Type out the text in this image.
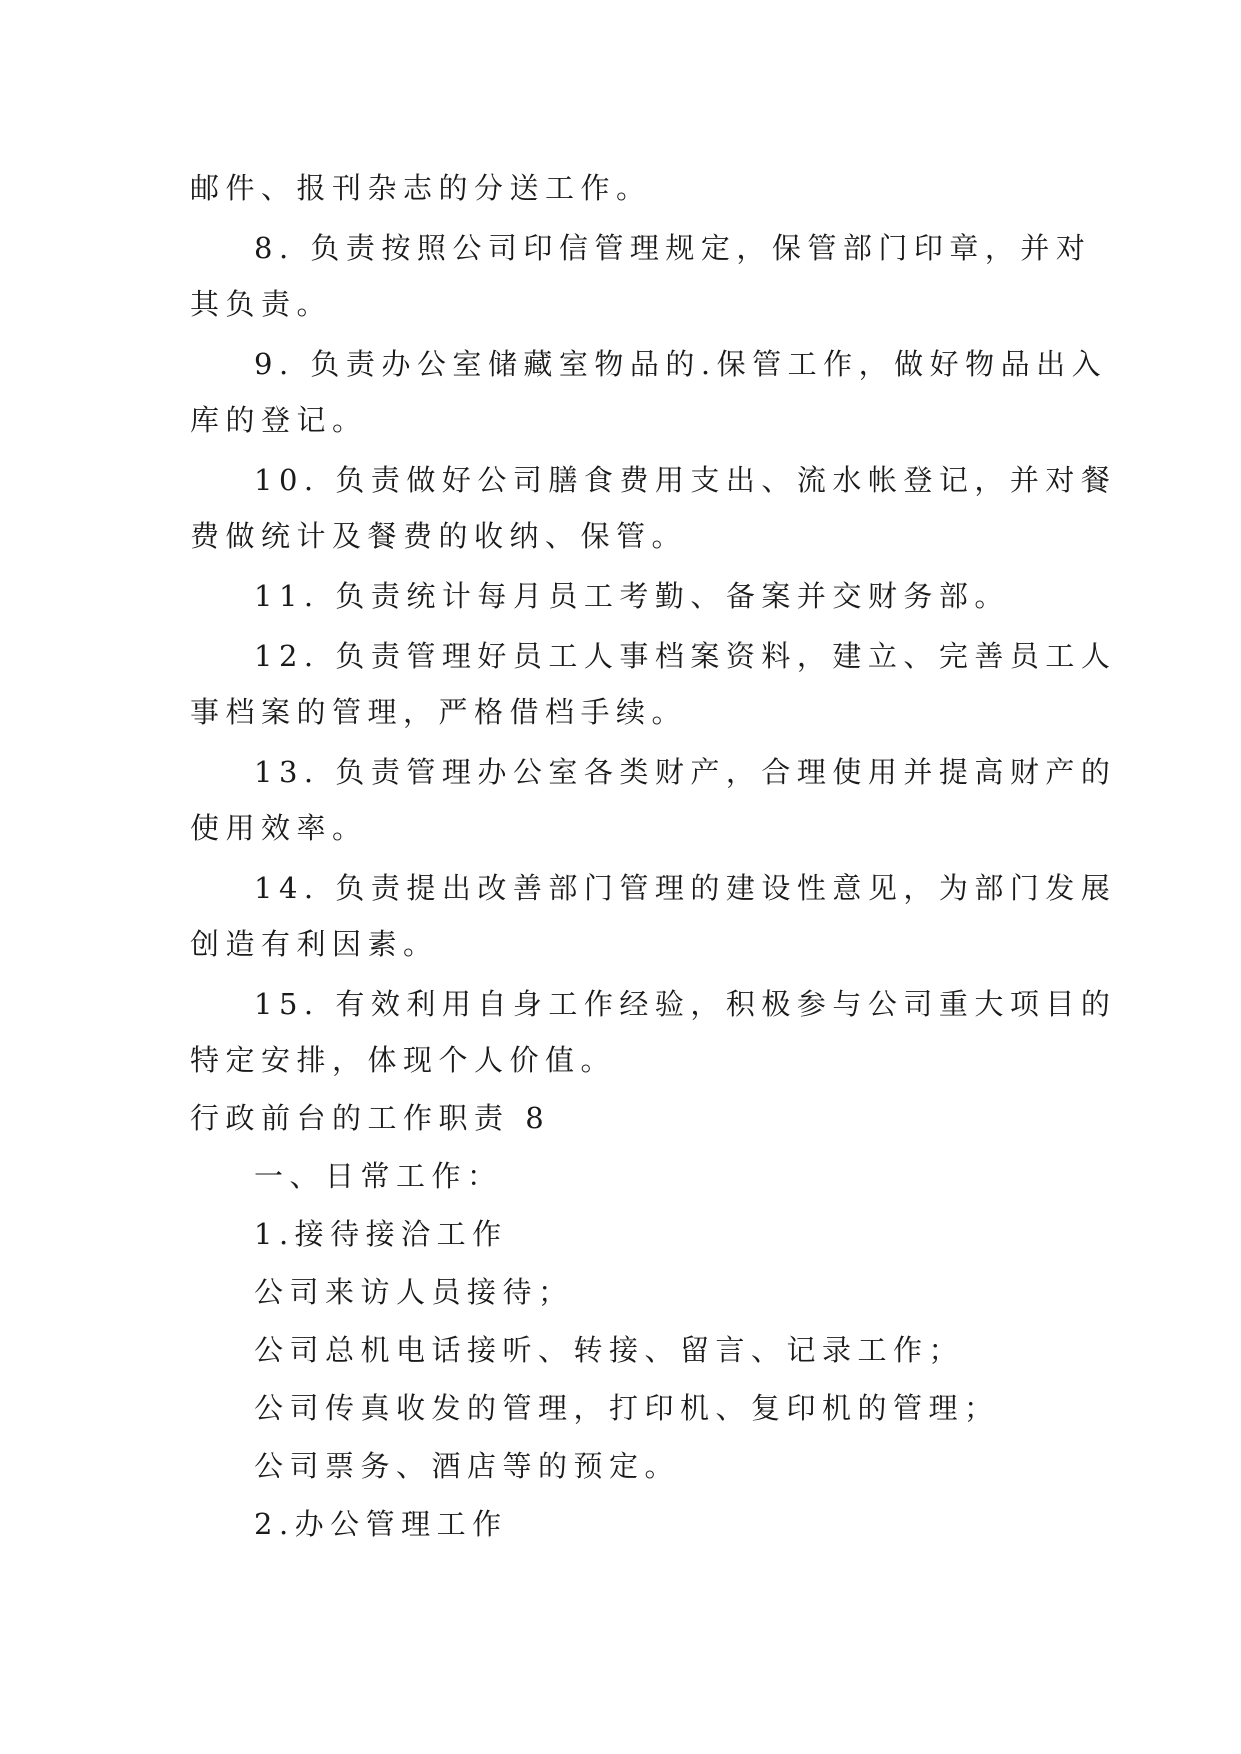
邮件、报刊杂志的分送工作。
8. 负责按照公司印信管理规定，保管部门印章，并对
其负责。
9. 负责办公室储藏室物品的.保管工作，做好物品出入
库的登记。
10. 负责做好公司膳食费用支出、流水帐登记，并对餐
费做统计及餐费的收纳、保管。
11. 负责统计每月员工考勤、备案并交财务部。
12. 负责管理好员工人事档案资料，建立、完善员工人
事档案的管理，严格借档手续。
13. 负责管理办公室各类财产，合理使用并提高财产的
使用效率。
14. 负责提出改善部门管理的建设性意见，为部门发展
创造有利因素。
15. 有效利用自身工作经验，积极参与公司重大项目的
特定安排，体现个人价值。
行政前台的工作职责 8
一、日常工作：
1.接待接洽工作
公司来访人员接待；
公司总机电话接听、转接、留言、记录工作；
公司传真收发的管理，打印机、复印机的管理；
公司票务、酒店等的预定。
2.办公管理工作
